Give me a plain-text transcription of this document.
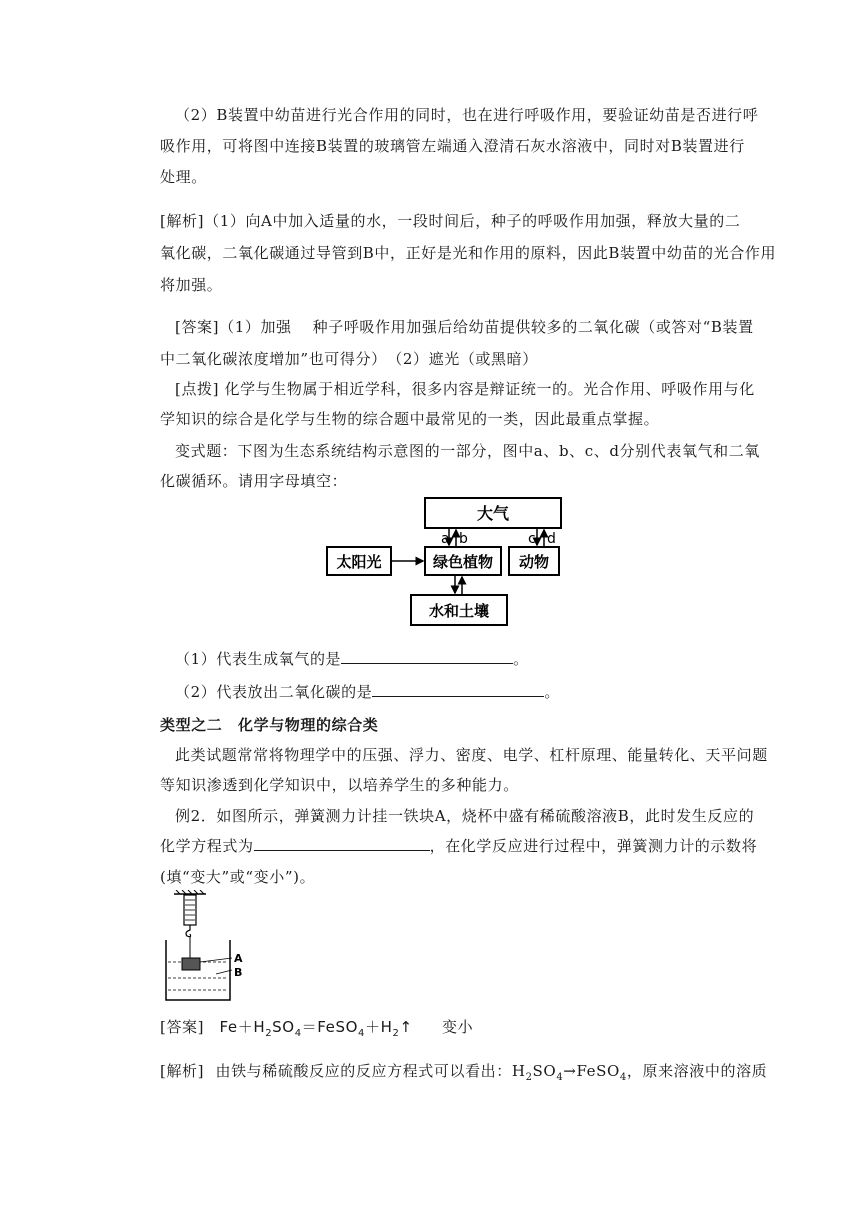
（2）B装置中幼苗进行光合作用的同时，也在进行呼吸作用，要验证幼苗是否进行呼
吸作用，可将图中连接B装置的玻璃管左端通入澄清石灰水溶液中，同时对B装置进行
处理。
[解析]（1）向A中加入适量的水，一段时间后，种子的呼吸作用加强，释放大量的二
氧化碳，二氧化碳通过导管到B中，正好是光和作用的原料，因此B装置中幼苗的光合作用
将加强。
[答案]（1）加强　 种子呼吸作用加强后给幼苗提供较多的二氧化碳（或答对“B装置
中二氧化碳浓度增加”也可得分）　（2）遮光（或黑暗）
[点拨] 化学与生物属于相近学科，很多内容是辩证统一的。光合作用、呼吸作用与化
学知识的综合是化学与生物的综合题中最常见的一类，因此最重点掌握。
变式题：下图为生态系统结构示意图的一部分，图中a、b、c、d分别代表氧气和二氧
化碳循环。请用字母填空：
大气
太阳光	绿色植物 动物
水和土壤
a b	c d
（1）代表生成氧气的是	。
（2）代表放出二氧化碳的是	。
类型之二　化学与物理的综合类
此类试题常常将物理学中的压强、浮力、密度、电学、杠杆原理、能量转化、天平问题
等知识渗透到化学知识中，以培养学生的多种能力。
例2．如图所示，弹簧测力计挂一铁块A，烧杯中盛有稀硫酸溶液B，此时发生反应的
化学方程式为	，在化学反应进行过程中，弹簧测力计的示数将
(填“变大”或“变小”)。
A
B
[答案] $Fe+H_2SO_4=FeSO_4+H_2↑$ 变小
[解析] 由铁与稀硫酸反应的反应方程式可以看出：$H_2SO_4\to FeSO_4$，原来溶液中的溶质
